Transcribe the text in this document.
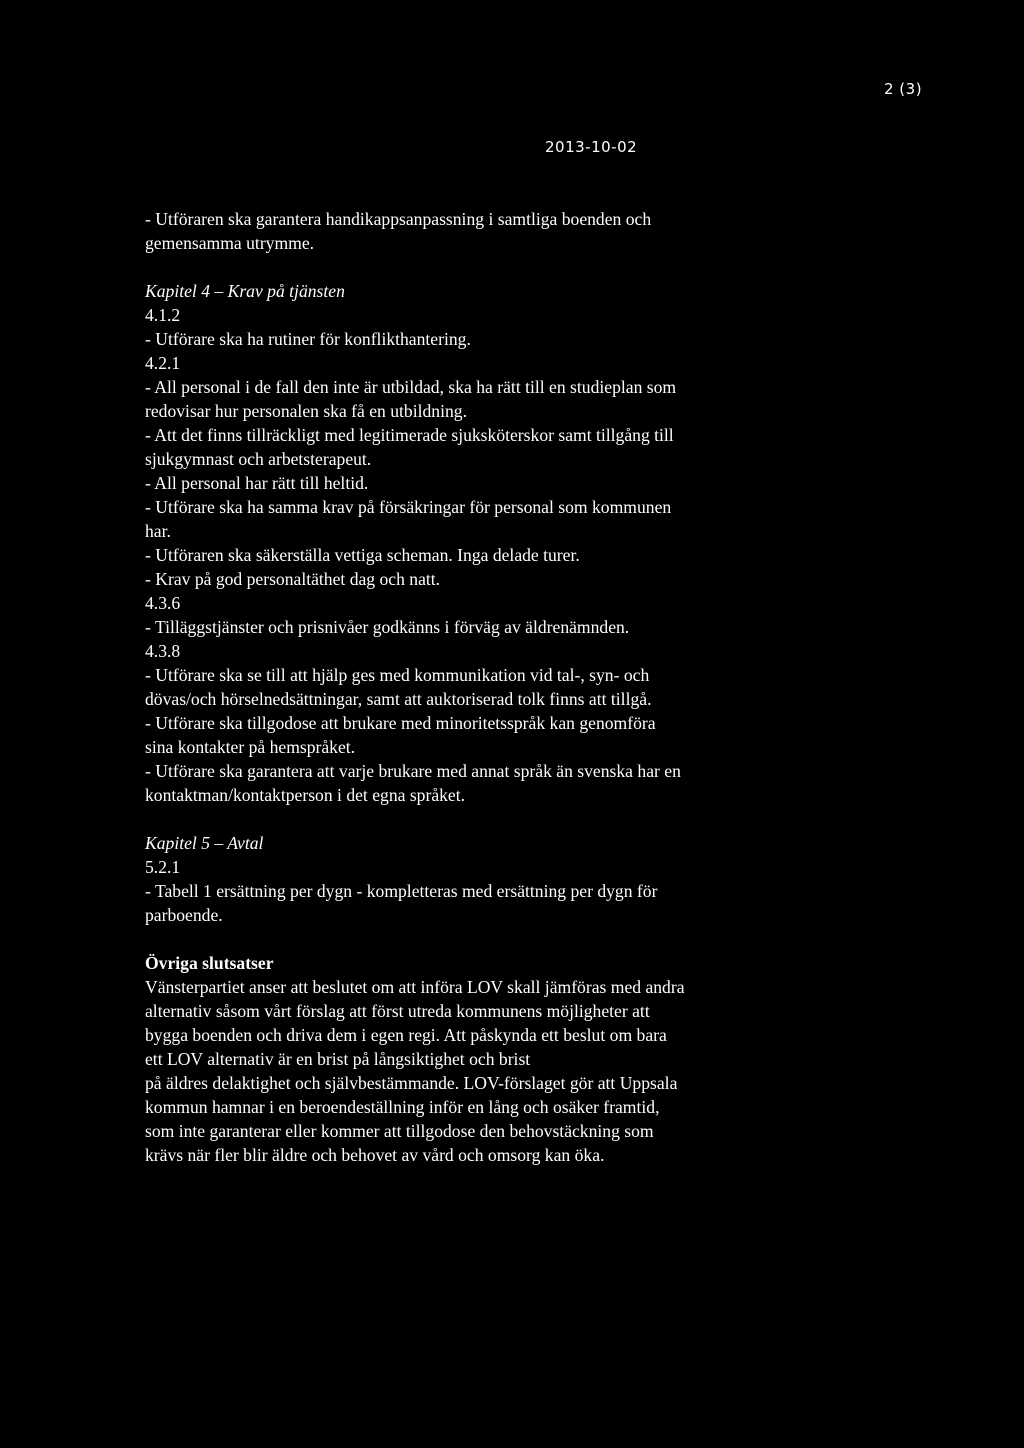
2 (3)
2013-10-02
- Utföraren ska garantera handikappsanpassning i samtliga boenden och
gemensamma utrymme.
Kapitel 4 – Krav på tjänsten
4.1.2
- Utförare ska ha rutiner för konflikthantering.
4.2.1
- All personal i de fall den inte är utbildad, ska ha rätt till en studieplan som
redovisar hur personalen ska få en utbildning.
- Att det finns tillräckligt med legitimerade sjuksköterskor samt tillgång till
sjukgymnast och arbetsterapeut.
- All personal har rätt till heltid.
- Utförare ska ha samma krav på försäkringar för personal som kommunen
har.
- Utföraren ska säkerställa vettiga scheman. Inga delade turer.
- Krav på god personaltäthet dag och natt.
4.3.6
- Tilläggstjänster och prisnivåer godkänns i förväg av äldrenämnden.
4.3.8
- Utförare ska se till att hjälp ges med kommunikation vid tal-, syn- och
dövas/och hörselnedsättningar, samt att auktoriserad tolk finns att tillgå.
- Utförare ska tillgodose att brukare med minoritetsspråk kan genomföra
sina kontakter på hemspråket.
- Utförare ska garantera att varje brukare med annat språk än svenska har en
kontaktman/kontaktperson i det egna språket.
Kapitel 5 – Avtal
5.2.1
- Tabell 1 ersättning per dygn - kompletteras med ersättning per dygn för
parboende.
Övriga slutsatser
Vänsterpartiet anser att beslutet om att införa LOV skall jämföras med andra
alternativ såsom vårt förslag att först utreda kommunens möjligheter att
bygga boenden och driva dem i egen regi. Att påskynda ett beslut om bara
ett LOV alternativ är en brist på långsiktighet och brist
på äldres delaktighet och självbestämmande. LOV-förslaget gör att Uppsala
kommun hamnar i en beroendeställning inför en lång och osäker framtid,
som inte garanterar eller kommer att tillgodose den behovstäckning som
krävs när fler blir äldre och behovet av vård och omsorg kan öka.
